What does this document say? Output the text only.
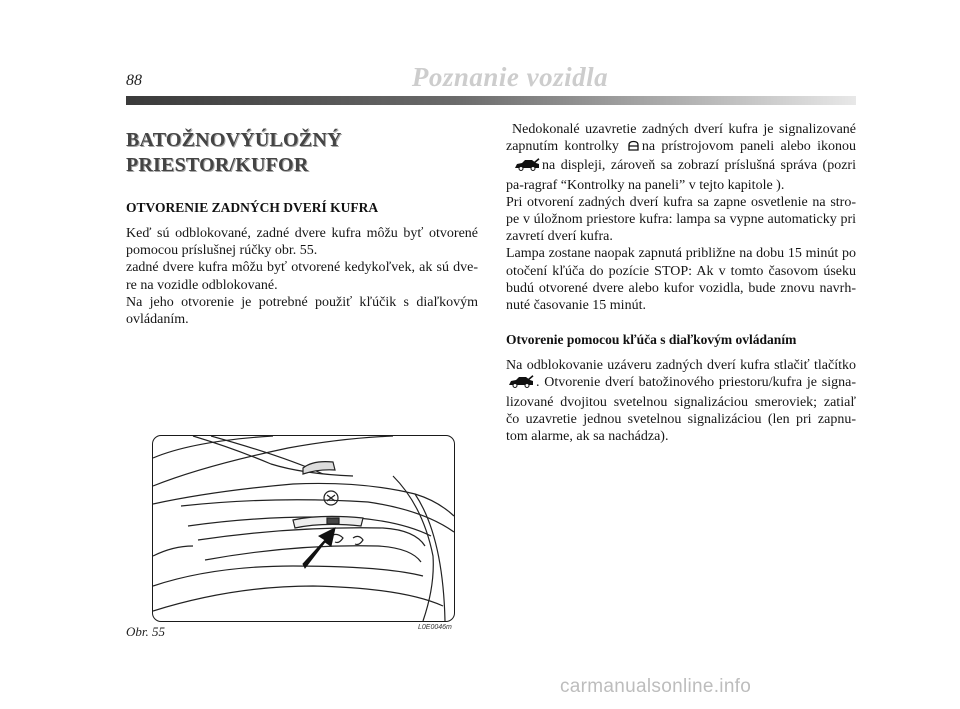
88	Poznanie vozidla
BATOŽNOVÝÚLOŽNÝ
PRIESTOR/KUFOR
OTVORENIE ZADNÝCH DVERÍ KUFRA

Keď sú odblokované, zadné dvere kufra môžu byť otvorené pomocou príslušnej rúčky obr. 55.

zadné dvere kufra môžu byť otvorené kedykoľvek, ak sú dve-re na vozidle odblokované.

Na jeho otvorenie je potrebné použiť kľúčik s diaľkovým ovládaním.

Nedokonalé uzavretie zadných dverí kufra je signalizované zapnutím kontrolky na prístrojovom paneli alebo ikonou na displeji, zároveň sa zobrazí príslušná správa (pozri pa-ragraf “Kontrolky na paneli” v tejto kapitole ).

Pri otvorení zadných dverí kufra sa zapne osvetlenie na stro-pe v úložnom priestore kufra: lampa sa vypne automaticky pri zavretí dverí kufra.

Lampa zostane naopak zapnutá približne na dobu 15 minút po otočení kľúča do pozície STOP: Ak v tomto časovom úseku budú otvorené dvere alebo kufor vozidla, bude znovu navrh-nuté časovanie 15 minút.

Otvorenie pomocou kľúča s diaľkovým ovládaním

Na odblokovanie uzáveru zadných dverí kufra stlačiť tlačítko . Otvorenie dverí batožinového priestoru/kufra je signa-lizované dvojitou svetelnou signalizáciou smeroviek; zatiaľ čo uzavretie jednou svetelnou signalizáciou (len pri zapnu-tom alarme, ak sa nachádza).

Obr. 55	L0E0046m
carmanualsonline.info
